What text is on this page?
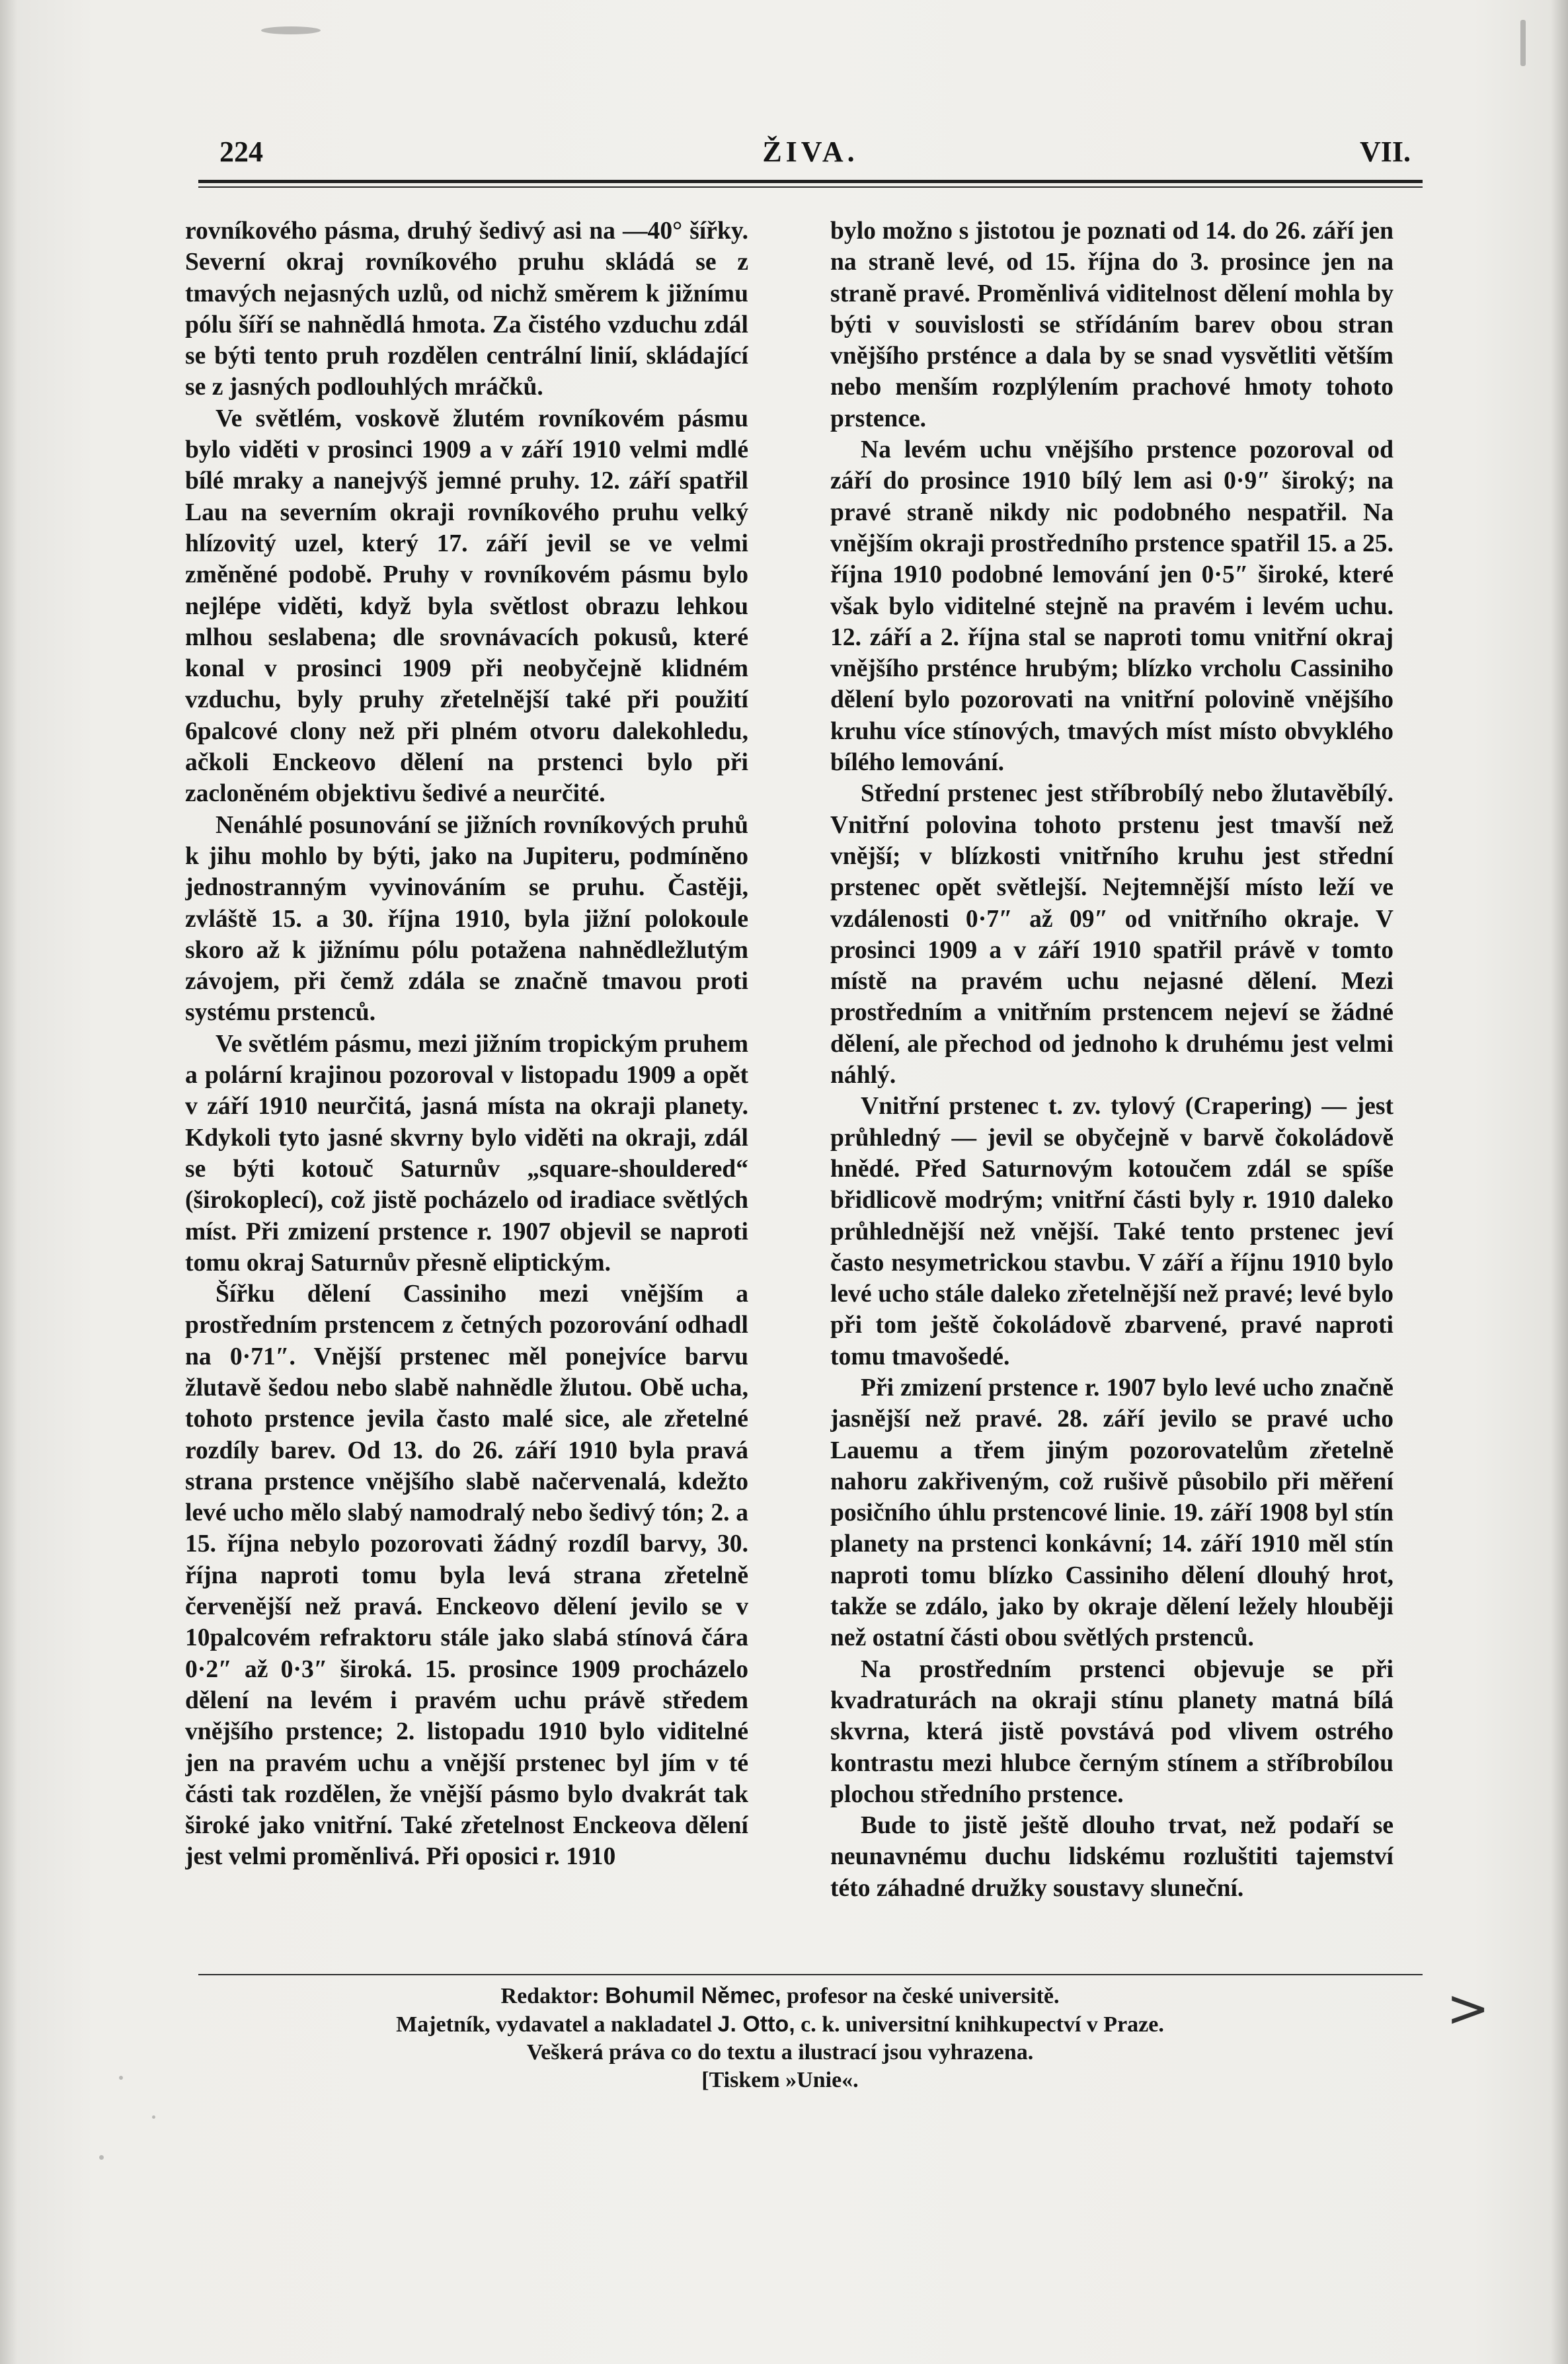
224	ŽIVA.	VII.

rovníkového pásma, druhý šedivý asi na —40° šířky. Severní okraj rovníkového pruhu skládá se z tmavých nejasných uzlů, od nichž směrem k jižnímu pólu šíří se nahnědlá hmota. Za čistého vzduchu zdál se býti tento pruh rozdělen centrální linií, skládající se z jasných podlouhlých mráčků.

Ve světlém, voskově žlutém rovníkovém pásmu bylo viděti v prosinci 1909 a v září 1910 velmi mdlé bílé mraky a nanejvýš jemné pruhy. 12. září spatřil Lau na severním okraji rovníkového pruhu velký hlízovitý uzel, který 17. září jevil se ve velmi změněné podobě. Pruhy v rovníkovém pásmu bylo nejlépe viděti, když byla světlost obrazu lehkou mlhou seslabena; dle srovnávacích pokusů, které konal v prosinci 1909 při neobyčejně klidném vzduchu, byly pruhy zřetelnější také při použití 6palcové clony než při plném otvoru dalekohledu, ačkoli Enckeovo dělení na prstenci bylo při zacloněném objektivu šedivé a neurčité.

Nenáhlé posunování se jižních rovníkových pruhů k jihu mohlo by býti, jako na Jupiteru, podmíněno jednostranným vyvinováním se pruhu. Častěji, zvláště 15. a 30. října 1910, byla jižní polokoule skoro až k jižnímu pólu potažena nahnědležlutým závojem, při čemž zdála se značně tmavou proti systému prstenců.

Ve světlém pásmu, mezi jižním tropickým pruhem a polární krajinou pozoroval v listopadu 1909 a opět v září 1910 neurčitá, jasná místa na okraji planety. Kdykoli tyto jasné skvrny bylo viděti na okraji, zdál se býti kotouč Saturnův „square-shouldered“ (širokoplecí), což jistě pocházelo od iradiace světlých míst. Při zmizení prstence r. 1907 objevil se naproti tomu okraj Saturnův přesně eliptickým.

Šířku dělení Cassiniho mezi vnějším a prostředním prstencem z četných pozorování odhadl na 0·71″. Vnější prstenec měl ponejvíce barvu žlutavě šedou nebo slabě nahnědle žlutou. Obě ucha, tohoto prstence jevila často malé sice, ale zřetelné rozdíly barev. Od 13. do 26. září 1910 byla pravá strana prstence vnějšího slabě načervenalá, kdežto levé ucho mělo slabý namodralý nebo šedivý tón; 2. a 15. října nebylo pozorovati žádný rozdíl barvy, 30. října naproti tomu byla levá strana zřetelně červenější než pravá. Enckeovo dělení jevilo se v 10palcovém refraktoru stále jako slabá stínová čára 0·2″ až 0·3″ široká. 15. prosince 1909 procházelo dělení na levém i pravém uchu právě středem vnějšího prstence; 2. listopadu 1910 bylo viditelné jen na pravém uchu a vnější prstenec byl jím v té části tak rozdělen, že vnější pásmo bylo dvakrát tak široké jako vnitřní. Také zřetelnost Enckeova dělení jest velmi proměnlivá. Při oposici r. 1910

bylo možno s jistotou je poznati od 14. do 26. září jen na straně levé, od 15. října do 3. prosince jen na straně pravé. Proměnlivá viditelnost dělení mohla by býti v souvislosti se střídáním barev obou stran vnějšího prsténce a dala by se snad vysvětliti větším nebo menším rozplýlením prachové hmoty tohoto prstence.

Na levém uchu vnějšího prstence pozoroval od září do prosince 1910 bílý lem asi 0·9″ široký; na pravé straně nikdy nic podobného nespatřil. Na vnějším okraji prostředního prstence spatřil 15. a 25. října 1910 podobné lemování jen 0·5″ široké, které však bylo viditelné stejně na pravém i levém uchu. 12. září a 2. října stal se naproti tomu vnitřní okraj vnějšího prsténce hrubým; blízko vrcholu Cassiniho dělení bylo pozorovati na vnitřní polovině vnějšího kruhu více stínových, tmavých míst místo obvyklého bílého lemování.

Střední prstenec jest stříbrobílý nebo žlutavěbílý. Vnitřní polovina tohoto prstenu jest tmavší než vnější; v blízkosti vnitřního kruhu jest střední prstenec opět světlejší. Nejtemnější místo leží ve vzdálenosti 0·7″ až 09″ od vnitřního okraje. V prosinci 1909 a v září 1910 spatřil právě v tomto místě na pravém uchu nejasné dělení. Mezi prostředním a vnitřním prstencem nejeví se žádné dělení, ale přechod od jednoho k druhému jest velmi náhlý.

Vnitřní prstenec t. zv. tylový (Crapering) — jest průhledný — jevil se obyčejně v barvě čokoládově hnědé. Před Saturnovým kotoučem zdál se spíše břidlicově modrým; vnitřní části byly r. 1910 daleko průhlednější než vnější. Také tento prstenec jeví často nesymetrickou stavbu. V září a říjnu 1910 bylo levé ucho stále daleko zřetelnější než pravé; levé bylo při tom ještě čokoládově zbarvené, pravé naproti tomu tmavošedé.

Při zmizení prstence r. 1907 bylo levé ucho značně jasnější než pravé. 28. září jevilo se pravé ucho Lauemu a třem jiným pozorovatelům zřetelně nahoru zakřiveným, což rušivě působilo při měření posičního úhlu prstencové linie. 19. září 1908 byl stín planety na prstenci konkávní; 14. září 1910 měl stín naproti tomu blízko Cassiniho dělení dlouhý hrot, takže se zdálo, jako by okraje dělení ležely hlouběji než ostatní části obou světlých prstenců.

Na prostředním prstenci objevuje se při kvadraturách na okraji stínu planety matná bílá skvrna, která jistě povstává pod vlivem ostrého kontrastu mezi hlubce černým stínem a stříbrobílou plochou středního prstence.

Bude to jistě ještě dlouho trvat, než podaří se neunavnému duchu lidskému rozluštiti tajemství této záhadné družky soustavy sluneční.

Redaktor: Bohumil Němec, profesor na české universitě.
Majetník, vydavatel a nakladatel J. Otto, c. k. universitní knihkupectví v Praze.
Veškerá práva co do textu a ilustrací jsou vyhrazena.
[Tiskem »Unie«.
>
